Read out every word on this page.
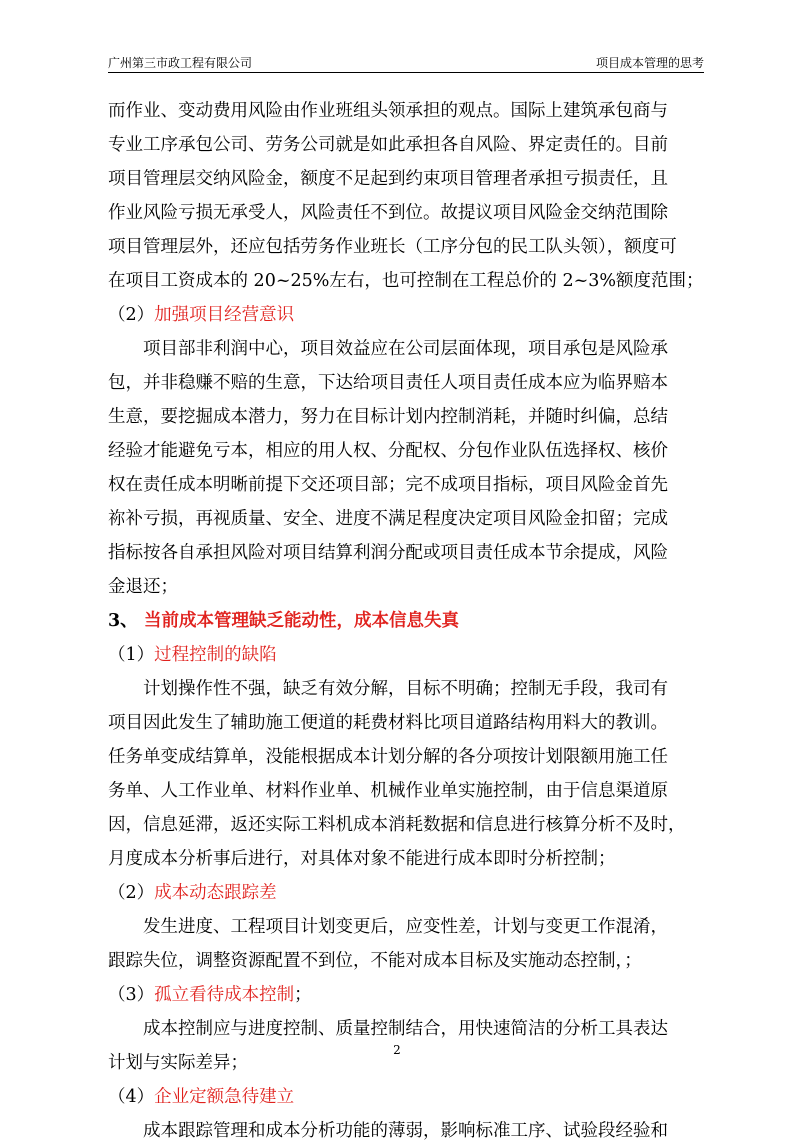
广州第三市政工程有限公司	项目成本管理的思考
而作业、变动费用风险由作业班组头领承担的观点。国际上建筑承包商与
专业工序承包公司、劳务公司就是如此承担各自风险、界定责任的。目前
项目管理层交纳风险金，额度不足起到约束项目管理者承担亏损责任，且
作业风险亏损无承受人，风险责任不到位。故提议项目风险金交纳范围除
项目管理层外，还应包括劳务作业班长（工序分包的民工队头领），额度可
在项目工资成本的 20~25%左右，也可控制在工程总价的 2~3%额度范围；
（2）加强项目经营意识
项目部非利润中心，项目效益应在公司层面体现，项目承包是风险承
包，并非稳赚不赔的生意，下达给项目责任人项目责任成本应为临界赔本
生意，要挖掘成本潜力，努力在目标计划内控制消耗，并随时纠偏，总结
经验才能避免亏本，相应的用人权、分配权、分包作业队伍选择权、核价
权在责任成本明晰前提下交还项目部；完不成项目指标，项目风险金首先
祢补亏损，再视质量、安全、进度不满足程度决定项目风险金扣留；完成
指标按各自承担风险对项目结算利润分配或项目责任成本节余提成，风险
金退还；
3、 当前成本管理缺乏能动性，成本信息失真
（1）过程控制的缺陷
计划操作性不强，缺乏有效分解，目标不明确；控制无手段，我司有
项目因此发生了辅助施工便道的耗费材料比项目道路结构用料大的教训。
任务单变成结算单，没能根据成本计划分解的各分项按计划限额用施工任
务单、人工作业单、材料作业单、机械作业单实施控制，由于信息渠道原
因，信息延滞，返还实际工料机成本消耗数据和信息进行核算分析不及时，
月度成本分析事后进行，对具体对象不能进行成本即时分析控制；
（2）成本动态跟踪差
发生进度、工程项目计划变更后，应变性差，计划与变更工作混淆，
跟踪失位，调整资源配置不到位，不能对成本目标及实施动态控制，；
（3）孤立看待成本控制；
成本控制应与进度控制、质量控制结合，用快速简洁的分析工具表达
计划与实际差异；
（4）企业定额急待建立
成本跟踪管理和成本分析功能的薄弱，影响标准工序、试验段经验和
2
